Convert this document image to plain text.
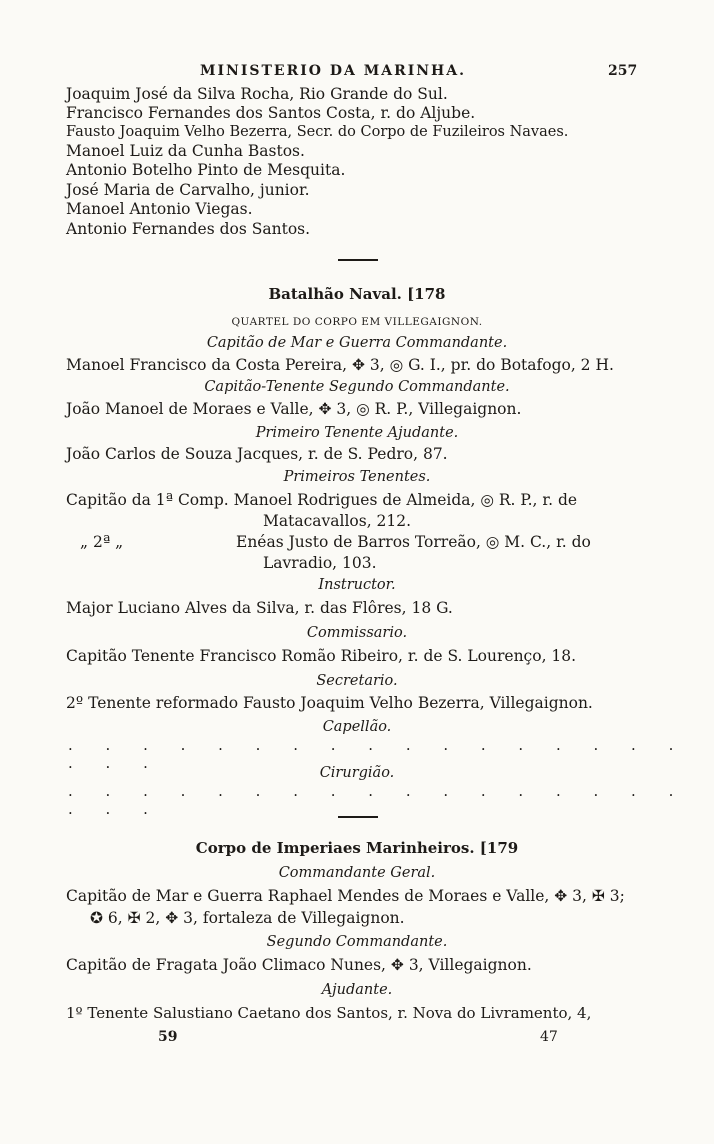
MINISTERIO DA MARINHA.	257
Joaquim José da Silva Rocha, Rio Grande do Sul.
Francisco Fernandes dos Santos Costa, r. do Aljube.
Fausto Joaquim Velho Bezerra, Secr. do Corpo de Fuzileiros Navaes.
Manoel Luiz da Cunha Bastos.
Antonio Botelho Pinto de Mesquita.
José Maria de Carvalho, junior.
Manoel Antonio Viegas.
Antonio Fernandes dos Santos.
Batalhão Naval. [178
QUARTEL DO CORPO EM VILLEGAIGNON.
Capitão de Mar e Guerra Commandante.
Manoel Francisco da Costa Pereira, ✥ 3, ◎ G. I., pr. do Botafogo, 2 H.
Capitão-Tenente Segundo Commandante.
João Manoel de Moraes e Valle, ✥ 3, ◎ R. P., Villegaignon.
Primeiro Tenente Ajudante.
João Carlos de Souza Jacques, r. de S. Pedro, 87.
Primeiros Tenentes.
Capitão da 1ª Comp. Manoel Rodrigues de Almeida, ◎ R. P., r. de
Matacavallos, 212.
„ 2ª „	Enéas Justo de Barros Torreão, ◎ M. C., r. do
Lavradio, 103.
Instructor.
Major Luciano Alves da Silva, r. das Flôres, 18 G.
Commissario.
Capitão Tenente Francisco Romão Ribeiro, r. de S. Lourenço, 18.
Secretario.
2º Tenente reformado Fausto Joaquim Velho Bezerra, Villegaignon.
Capellão.
· · · · · · · · · · · · · · · · · · · ·	Cirurgião.
· · · · · · · · · · · · · · · · · · · ·
Corpo de Imperiaes Marinheiros. [179
Commandante Geral.
Capitão de Mar e Guerra Raphael Mendes de Moraes e Valle, ✥ 3, ✠ 3;
✪ 6, ✠ 2, ✥ 3, fortaleza de Villegaignon.
Segundo Commandante.
Capitão de Fragata João Climaco Nunes, ✥ 3, Villegaignon.
Ajudante.
1º Tenente Salustiano Caetano dos Santos, r. Nova do Livramento, 4,
59	47
